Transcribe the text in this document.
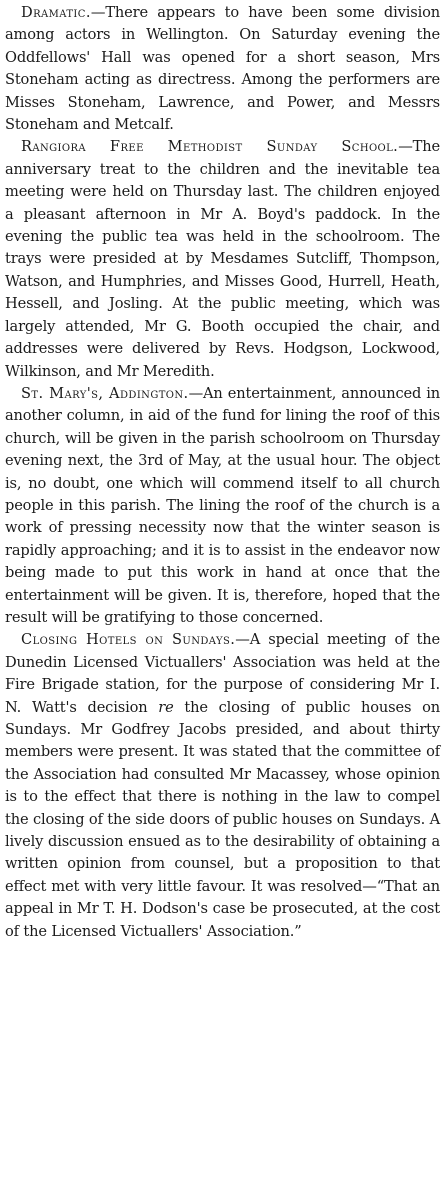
Dramatic.—There appears to have been some division among actors in Wellington. On Saturday evening the Oddfellows' Hall was opened for a short season, Mrs Stoneham acting as directress. Among the performers are Misses Stoneham, Lawrence, and Power, and Messrs Stoneham and Metcalf.

Rangiora Free Methodist Sunday School.—The anniversary treat to the children and the inevitable tea meeting were held on Thursday last. The children enjoyed a pleasant afternoon in Mr A. Boyd's paddock. In the evening the public tea was held in the schoolroom. The trays were presided at by Mesdames Sutcliff, Thompson, Watson, and Humphries, and Misses Good, Hurrell, Heath, Hessell, and Josling. At the public meeting, which was largely attended, Mr G. Booth occupied the chair, and addresses were delivered by Revs. Hodgson, Lockwood, Wilkinson, and Mr Meredith.

St. Mary's, Addington.—An entertainment, announced in another column, in aid of the fund for lining the roof of this church, will be given in the parish schoolroom on Thursday evening next, the 3rd of May, at the usual hour. The object is, no doubt, one which will commend itself to all church people in this parish. The lining the roof of the church is a work of pressing necessity now that the winter season is rapidly approaching; and it is to assist in the endeavor now being made to put this work in hand at once that the entertainment will be given. It is, therefore, hoped that the result will be gratifying to those concerned.

Closing Hotels on Sundays.—A special meeting of the Dunedin Licensed Victuallers' Association was held at the Fire Brigade station, for the purpose of considering Mr I. N. Watt's decision re the closing of public houses on Sundays. Mr Godfrey Jacobs presided, and about thirty members were present. It was stated that the committee of the Association had consulted Mr Macassey, whose opinion is to the effect that there is nothing in the law to compel the closing of the side doors of public houses on Sundays. A lively discussion ensued as to the desirability of obtaining a written opinion from counsel, but a proposition to that effect met with very little favour. It was resolved—“That an appeal in Mr T. H. Dodson's case be prosecuted, at the cost of the Licensed Victuallers' Association.”
